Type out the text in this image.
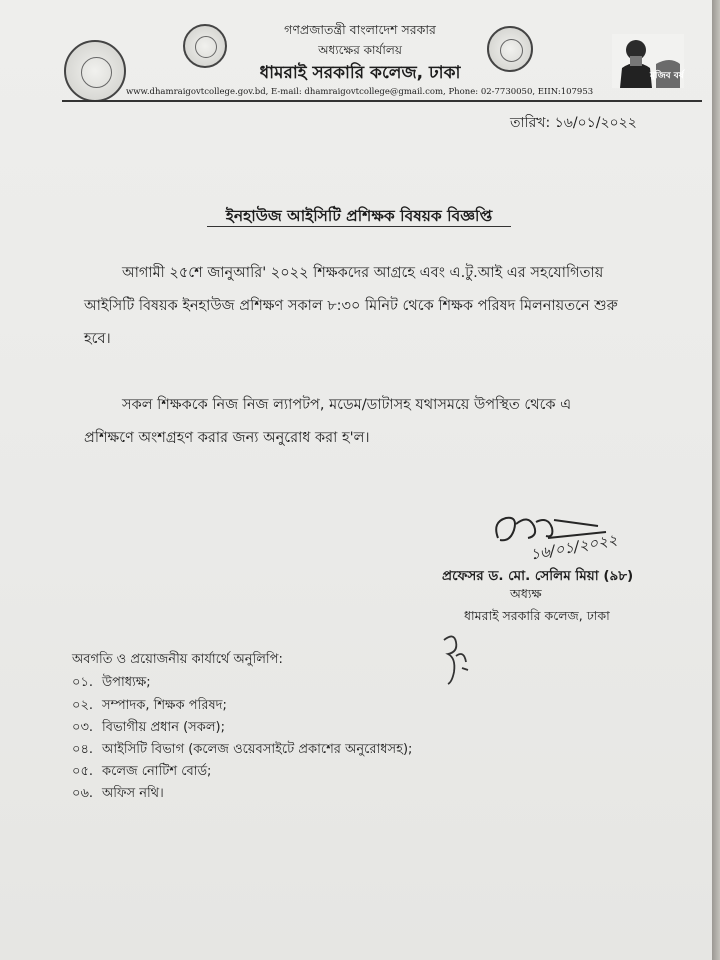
মুজিব বর্ষ
গণপ্রজাতন্ত্রী বাংলাদেশ সরকার
অধ্যক্ষের কার্যালয়
ধামরাই সরকারি কলেজ, ঢাকা
www.dhamraigovtcollege.gov.bd, E-mail: dhamraigovtcollege@gmail.com, Phone: 02-7730050, EIIN:107953
তারিখ: ১৬/০১/২০২২
ইনহাউজ আইসিটি প্রশিক্ষক বিষয়ক বিজ্ঞপ্তি
আগামী ২৫শে জানুআরি' ২০২২ শিক্ষকদের আগ্রহে এবং এ.টু.আই এর সহযোগিতায়
আইসিটি বিষয়ক ইনহাউজ প্রশিক্ষণ সকাল ৮:৩০ মিনিট থেকে শিক্ষক পরিষদ মিলনায়তনে শুরু
হবে।
সকল শিক্ষককে নিজ নিজ ল্যাপটপ, মডেম/ডাটাসহ যথাসময়ে উপস্থিত থেকে এ
প্রশিক্ষণে অংশগ্রহণ করার জন্য অনুরোধ করা হ'ল।
১৬/০১/২০২২
প্রফেসর ড. মো. সেলিম মিয়া (৯৮)
অধ্যক্ষ
ধামরাই সরকারি কলেজ, ঢাকা
অবগতি ও প্রয়োজনীয় কার্যার্থে অনুলিপি:
০১. উপাধ্যক্ষ;
০২. সম্পাদক, শিক্ষক পরিষদ;
০৩. বিভাগীয় প্রধান (সকল);
০৪. আইসিটি বিভাগ (কলেজ ওয়েবসাইটে প্রকাশের অনুরোধসহ);
০৫. কলেজ নোটিশ বোর্ড;
০৬. অফিস নথি।
